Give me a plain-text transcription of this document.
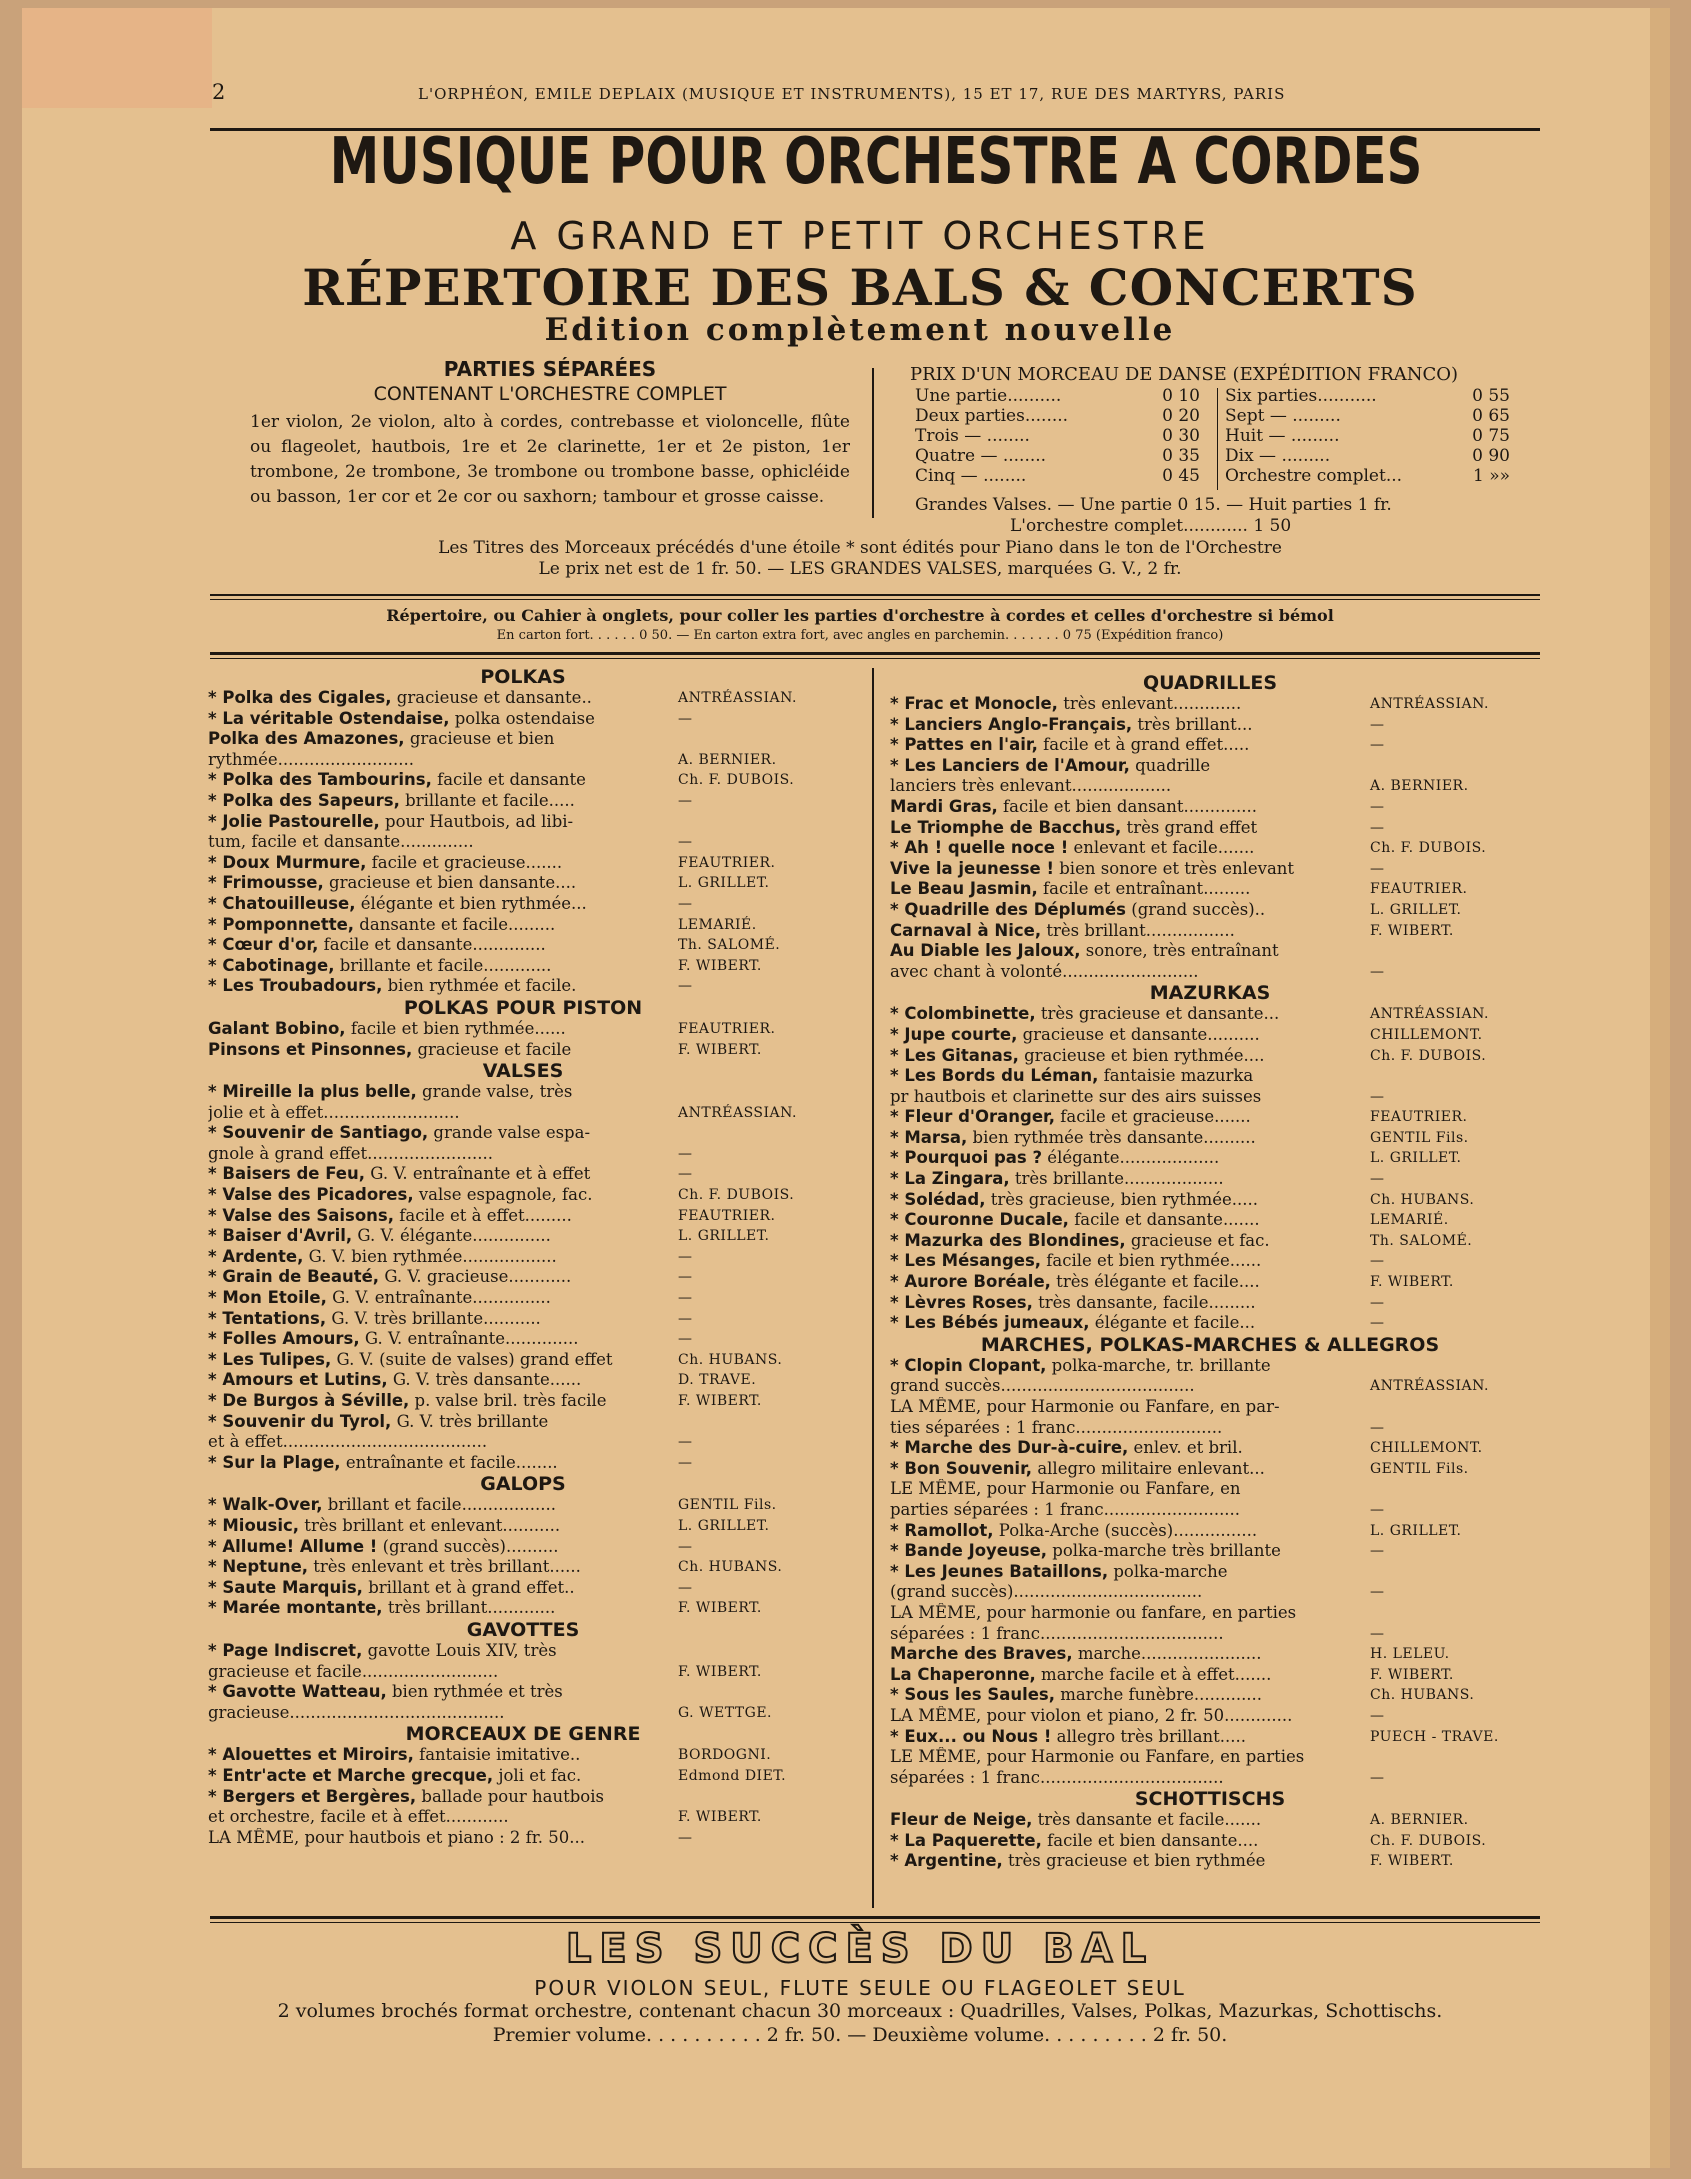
2	L'ORPHÉON, EMILE DEPLAIX (MUSIQUE ET INSTRUMENTS), 15 ET 17, RUE DES MARTYRS, PARIS
MUSIQUE POUR ORCHESTRE A CORDES
A GRAND ET PETIT ORCHESTRE
RÉPERTOIRE DES BALS & CONCERTS
Edition complètement nouvelle
PARTIES SÉPARÉES
CONTENANT L'ORCHESTRE COMPLET
1er violon, 2e violon, alto à cordes, contrebasse et violoncelle, flûte ou flageolet, hautbois, 1re et 2e clarinette, 1er et 2e piston, 1er trombone, 2e trombone, 3e trombone ou trombone basse, ophicléide ou basson, 1er cor et 2e cor ou saxhorn; tambour et grosse caisse.
PRIX D'UN MORCEAU DE DANSE (EXPÉDITION FRANCO)
Une partie..........	0 10
Deux parties........	0 20
Trois — ........	0 30
Quatre — ........	0 35
Cinq — ........	0 45
Six parties...........	0 55
Sept — .........	0 65
Huit — .........	0 75
Dix — .........	0 90
Orchestre complet...	1 »»
Grandes Valses. — Une partie 0 15. — Huit parties 1 fr.
L'orchestre complet............ 1 50
Les Titres des Morceaux précédés d'une étoile * sont édités pour Piano dans le ton de l'Orchestre
Le prix net est de 1 fr. 50. — LES GRANDES VALSES, marquées G. V., 2 fr.
Répertoire, ou Cahier à onglets, pour coller les parties d'orchestre à cordes et celles d'orchestre si bémol
En carton fort. . . . . . 0 50. — En carton extra fort, avec angles en parchemin. . . . . . . 0 75 (Expédition franco)
POLKAS
* Polka des Cigales, gracieuse et dansante..	ANTRÉASSIAN.
* La véritable Ostendaise, polka ostendaise	—
Polka des Amazones, gracieuse et bien
rythmée..........................	A. BERNIER.
* Polka des Tambourins, facile et dansante	Ch. F. DUBOIS.
* Polka des Sapeurs, brillante et facile.....	—
* Jolie Pastourelle, pour Hautbois, ad libi-
tum, facile et dansante..............	—
* Doux Murmure, facile et gracieuse.......	FEAUTRIER.
* Frimousse, gracieuse et bien dansante....	L. GRILLET.
* Chatouilleuse, élégante et bien rythmée...	—
* Pomponnette, dansante et facile.........	LEMARIÉ.
* Cœur d'or, facile et dansante..............	Th. SALOMÉ.
* Cabotinage, brillante et facile.............	F. WIBERT.
* Les Troubadours, bien rythmée et facile.	—
POLKAS POUR PISTON
Galant Bobino, facile et bien rythmée......	FEAUTRIER.
Pinsons et Pinsonnes, gracieuse et facile	F. WIBERT.
VALSES
* Mireille la plus belle, grande valse, très
jolie et à effet..........................	ANTRÉASSIAN.
* Souvenir de Santiago, grande valse espa-
gnole à grand effet........................	—
* Baisers de Feu, G. V. entraînante et à effet	—
* Valse des Picadores, valse espagnole, fac.	Ch. F. DUBOIS.
* Valse des Saisons, facile et à effet.........	FEAUTRIER.
* Baiser d'Avril, G. V. élégante...............	L. GRILLET.
* Ardente, G. V. bien rythmée..................	—
* Grain de Beauté, G. V. gracieuse............	—
* Mon Etoile, G. V. entraînante...............	—
* Tentations, G. V. très brillante...........	—
* Folles Amours, G. V. entraînante..............	—
* Les Tulipes, G. V. (suite de valses) grand effet	Ch. HUBANS.
* Amours et Lutins, G. V. très dansante......	D. TRAVE.
* De Burgos à Séville, p. valse bril. très facile	F. WIBERT.
* Souvenir du Tyrol, G. V. très brillante
et à effet.......................................	—
* Sur la Plage, entraînante et facile........	—
GALOPS
* Walk-Over, brillant et facile..................	GENTIL Fils.
* Miousic, très brillant et enlevant...........	L. GRILLET.
* Allume! Allume ! (grand succès)..........	—
* Neptune, très enlevant et très brillant......	Ch. HUBANS.
* Saute Marquis, brillant et à grand effet..	—
* Marée montante, très brillant.............	F. WIBERT.
GAVOTTES
* Page Indiscret, gavotte Louis XIV, très
gracieuse et facile..........................	F. WIBERT.
* Gavotte Watteau, bien rythmée et très
gracieuse.........................................	G. WETTGE.
MORCEAUX DE GENRE
* Alouettes et Miroirs, fantaisie imitative..	BORDOGNI.
* Entr'acte et Marche grecque, joli et fac.	Edmond DIET.
* Bergers et Bergères, ballade pour hautbois
et orchestre, facile et à effet............	F. WIBERT.
LA MÊME, pour hautbois et piano : 2 fr. 50...	—
QUADRILLES
* Frac et Monocle, très enlevant.............	ANTRÉASSIAN.
* Lanciers Anglo-Français, très brillant...	—
* Pattes en l'air, facile et à grand effet.....	—
* Les Lanciers de l'Amour, quadrille
lanciers très enlevant...................	A. BERNIER.
Mardi Gras, facile et bien dansant..............	—
Le Triomphe de Bacchus, très grand effet	—
* Ah ! quelle noce ! enlevant et facile.......	Ch. F. DUBOIS.
Vive la jeunesse ! bien sonore et très enlevant	—
Le Beau Jasmin, facile et entraînant.........	FEAUTRIER.
* Quadrille des Déplumés (grand succès)..	L. GRILLET.
Carnaval à Nice, très brillant.................	F. WIBERT.
Au Diable les Jaloux, sonore, très entraînant
avec chant à volonté..........................	—
MAZURKAS
* Colombinette, très gracieuse et dansante...	ANTRÉASSIAN.
* Jupe courte, gracieuse et dansante..........	CHILLEMONT.
* Les Gitanas, gracieuse et bien rythmée....	Ch. F. DUBOIS.
* Les Bords du Léman, fantaisie mazurka
pr hautbois et clarinette sur des airs suisses	—
* Fleur d'Oranger, facile et gracieuse.......	FEAUTRIER.
* Marsa, bien rythmée très dansante..........	GENTIL Fils.
* Pourquoi pas ? élégante...................	L. GRILLET.
* La Zingara, très brillante...................	—
* Solédad, très gracieuse, bien rythmée.....	Ch. HUBANS.
* Couronne Ducale, facile et dansante.......	LEMARIÉ.
* Mazurka des Blondines, gracieuse et fac.	Th. SALOMÉ.
* Les Mésanges, facile et bien rythmée......	—
* Aurore Boréale, très élégante et facile....	F. WIBERT.
* Lèvres Roses, très dansante, facile.........	—
* Les Bébés jumeaux, élégante et facile...	—
MARCHES, POLKAS-MARCHES & ALLEGROS
* Clopin Clopant, polka-marche, tr. brillante
grand succès.....................................	ANTRÉASSIAN.
LA MÊME, pour Harmonie ou Fanfare, en par-
ties séparées : 1 franc............................	—
* Marche des Dur-à-cuire, enlev. et bril.	CHILLEMONT.
* Bon Souvenir, allegro militaire enlevant...	GENTIL Fils.
LE MÊME, pour Harmonie ou Fanfare, en
parties séparées : 1 franc..........................	—
* Ramollot, Polka-Arche (succès)................	L. GRILLET.
* Bande Joyeuse, polka-marche très brillante	—
* Les Jeunes Bataillons, polka-marche
(grand succès)....................................	—
LA MÊME, pour harmonie ou fanfare, en parties
séparées : 1 franc...................................	—
Marche des Braves, marche.......................	H. LELEU.
La Chaperonne, marche facile et à effet.......	F. WIBERT.
* Sous les Saules, marche funèbre.............	Ch. HUBANS.
LA MÊME, pour violon et piano, 2 fr. 50.............	—
* Eux... ou Nous ! allegro très brillant.....	PUECH - TRAVE.
LE MÊME, pour Harmonie ou Fanfare, en parties
séparées : 1 franc...................................	—
SCHOTTISCHS
Fleur de Neige, très dansante et facile.......	A. BERNIER.
* La Paquerette, facile et bien dansante....	Ch. F. DUBOIS.
* Argentine, très gracieuse et bien rythmée	F. WIBERT.
LES SUCCÈS DU BAL
POUR VIOLON SEUL, FLUTE SEULE OU FLAGEOLET SEUL
2 volumes brochés format orchestre, contenant chacun 30 morceaux : Quadrilles, Valses, Polkas, Mazurkas, Schottischs.
Premier volume. . . . . . . . . . 2 fr. 50. — Deuxième volume. . . . . . . . . 2 fr. 50.
